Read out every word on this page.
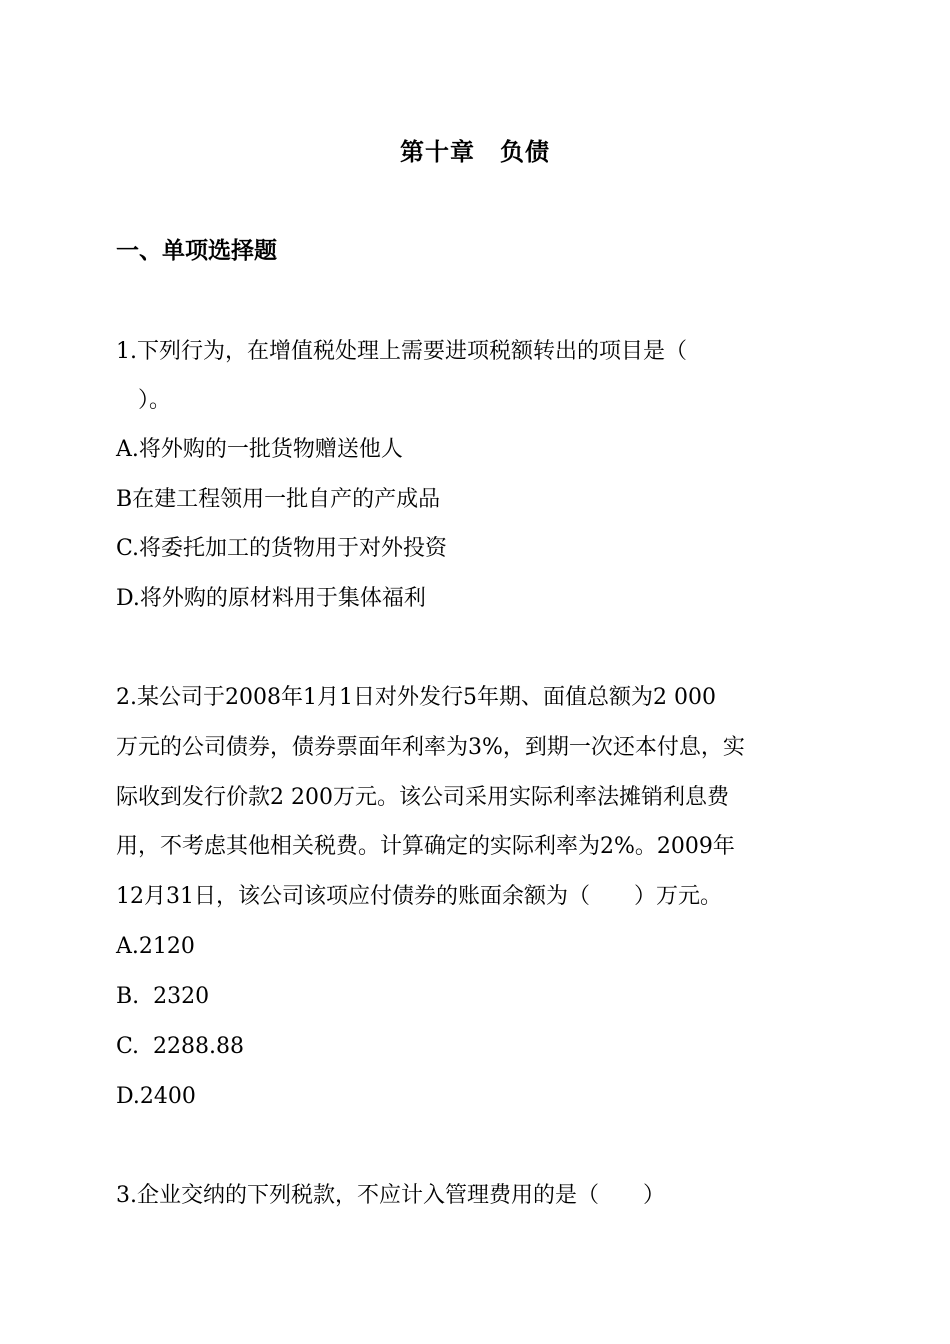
第十章　负债
一、单项选择题
1.下列行为，在增值税处理上需要进项税额转出的项目是（
）。
A.将外购的一批货物赠送他人
B在建工程领用一批自产的产成品
C.将委托加工的货物用于对外投资
D.将外购的原材料用于集体福利
2.某公司于2008年1月1日对外发行5年期、面值总额为2 000
万元的公司债券，债券票面年利率为3%，到期一次还本付息，实
际收到发行价款2 200万元。该公司采用实际利率法摊销利息费
用，不考虑其他相关税费。计算确定的实际利率为2%。2009年
12月31日，该公司该项应付债券的账面余额为（　　）万元。
A.2120
B.  2320
C.  2288.88
D.2400
3.企业交纳的下列税款，不应计入管理费用的是（　　）
